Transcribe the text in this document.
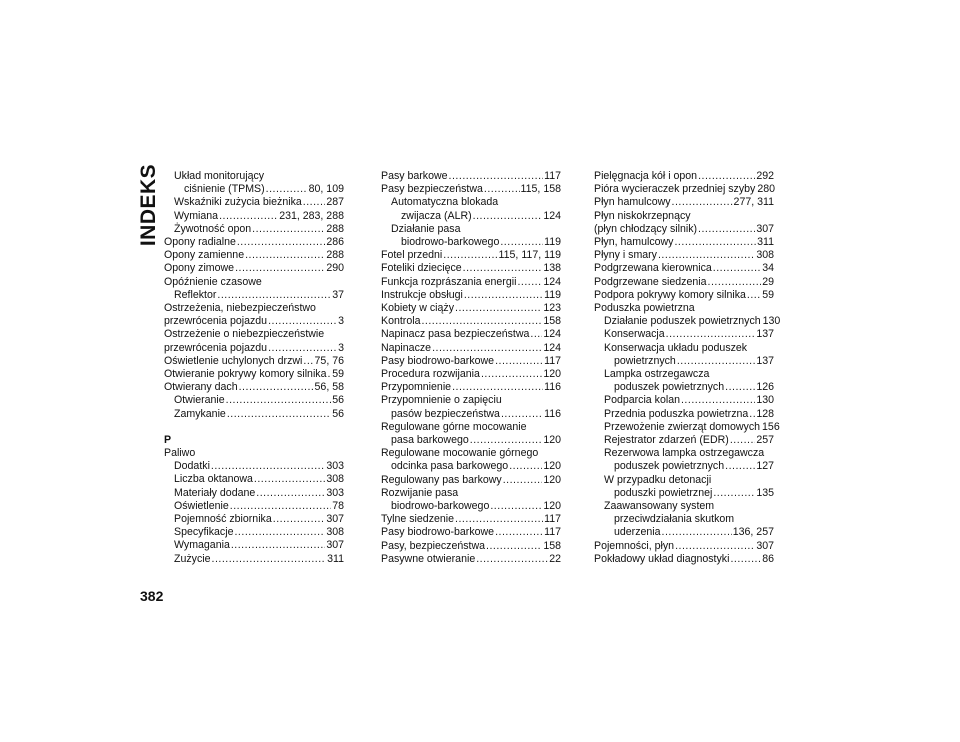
INDEKS	Układ monitorujący
ciśnienie (TPMS) .....	80, 109
Wskaźniki zużycia bieżnika ..... 287
Wymiana .....	231, 283, 288
Żywotność opon .....	288
Opony radialne .....	286
Opony zamienne .....	288
Opony zimowe .....	290
Opóźnienie czasowe
Reflektor .....	37
Ostrzeżenia, niebezpieczeństwo
przewrócenia pojazdu .....	3
Ostrzeżenie o niebezpieczeństwie
przewrócenia pojazdu .....	3
Oświetlenie uchylonych drzwi ..... 75, 76
Otwieranie pokrywy komory silnika ..... 59
Otwierany dach .....	56, 58
Otwieranie .....	56
Zamykanie .....	56
P
Paliwo
Dodatki .....	303
Liczba oktanowa .....	308
Materiały dodane .....	303
Oświetlenie .....	78
Pojemność zbiornika .....	307
Specyfikacje .....	308
Wymagania .....	307
Zużycie .....	311
Pasy barkowe .....	117
Pasy bezpieczeństwa .....	115, 158
Automatyczna blokada
zwijacza (ALR) .....	124
Działanie pasa
biodrowo-barkowego .....	119
Fotel przedni .....	115, 117, 119
Foteliki dziecięce .....	138
Funkcja rozprászania energii .....	124
Instrukcje obsługi .....	119
Kobiety w ciąży .....	123
Kontrola .....	158
Napinacz pasa bezpieczeństwa ..... 124
Napinacze .....	124
Pasy biodrowo-barkowe .....	117
Procedura rozwijania .....	120
Przypomnienie .....	116
Przypomnienie o zapięciu
pasów bezpieczeństwa .....	116
Regulowane górne mocowanie
pasa barkowego .....	120
Regulowane mocowanie górnego
odcinka pasa barkowego .....	120
Regulowany pas barkowy .....	120
Rozwijanie pasa
biodrowo-barkowego .....	120
Tylne siedzenie .....	117
Pasy biodrowo-barkowe .....	117
Pasy, bezpieczeństwa .....	158
Pasywne otwieranie .....	22
Pielęgnacja kół i opon .....	292
Pióra wycieraczek przedniej szyby 280
Płyn hamulcowy .....	277, 311
Płyn niskokrzepnący
(płyn chłodzący silnik) .....	307
Płyn, hamulcowy .....	311
Płyny i smary .....	308
Podgrzewana kierownica .....	34
Podgrzewane siedzenia .....	29
Podpora pokrywy komory silnika ..... 59
Poduszka powietrzna
Działanie poduszek powietrznych 130
Konserwacja .....	137
Konserwacja układu poduszek
powietrznych .....	137
Lampka ostrzegawcza
poduszek powietrznych .....	126
Podparcia kolan .....	130
Przednia poduszka powietrzna ..... 128
Przewożenie zwierząt domowych 156
Rejestrator zdarzeń (EDR) .....	257
Rezerwowa lampka ostrzegawcza
poduszek powietrznych .....	127
W przypadku detonacji
poduszki powietrznej .....	135
Zaawansowany system
przeciwdziałania skutkom
uderzenia .....	136, 257
Pojemności, płyn .....	307
Pokładowy układ diagnostyki .....	86
382
